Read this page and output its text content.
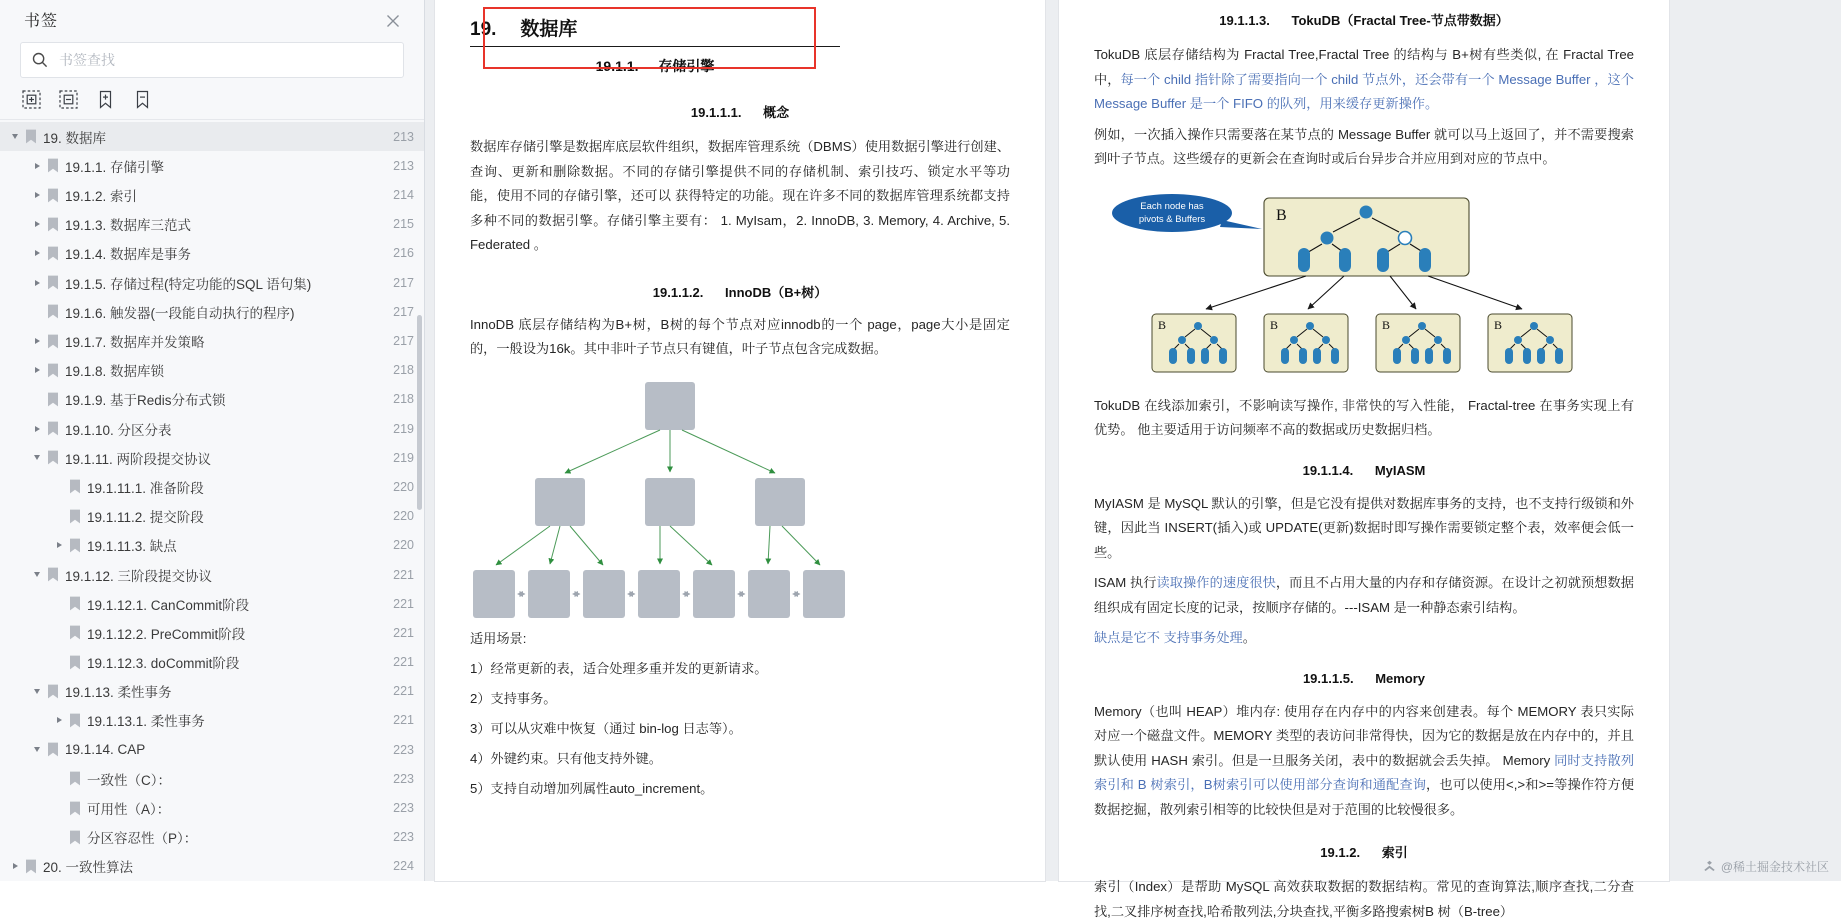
书签
书签查找
19. 数据库	213
19.1.1. 存储引擎	213
19.1.2. 索引	214
19.1.3. 数据库三范式	215
19.1.4. 数据库是事务	216
19.1.5. 存储过程(特定功能的SQL 语句集)	217
19.1.6. 触发器(一段能自动执行的程序)	217
19.1.7. 数据库并发策略	217
19.1.8. 数据库锁	218
19.1.9. 基于Redis分布式锁	218
19.1.10. 分区分表	219
19.1.11. 两阶段提交协议	219
19.1.11.1. 准备阶段	220
19.1.11.2. 提交阶段	220
19.1.11.3. 缺点	220
19.1.12. 三阶段提交协议	221
19.1.12.1. CanCommit阶段	221
19.1.12.2. PreCommit阶段	221
19.1.12.3. doCommit阶段	221
19.1.13. 柔性事务	221
19.1.13.1. 柔性事务	221
19.1.14. CAP	223
一致性（C）：	223
可用性（A）：	223
分区容忍性（P）：	223
20. 一致性算法	224
19. 数据库
19.1.1. 存储引擎
19.1.1.1. 概念

数据库存储引擎是数据库底层软件组织，数据库管理系统（DBMS）使用数据引擎进行创建、查询、更新和删除数据。不同的存储引擎提供不同的存储机制、索引技巧、锁定水平等功能，使用不同的存储引擎，还可以 获得特定的功能。现在许多不同的数据库管理系统都支持多种不同的数据引擎。存储引擎主要有： 1. MyIsam，2. InnoDB, 3. Memory, 4. Archive, 5. Federated 。

19.1.1.2. InnoDB（B+树）

InnoDB 底层存储结构为B+树，B树的每个节点对应innodb的一个 page，page大小是固定的，一般设为16k。其中非叶子节点只有键值，叶子节点包含完成数据。

适用场景:

1）经常更新的表，适合处理多重并发的更新请求。

2）支持事务。

3）可以从灾难中恢复（通过 bin-log 日志等）。

4）外键约束。只有他支持外键。

5）支持自动增加列属性auto_increment。

19.1.1.3. TokuDB（Fractal Tree-节点带数据）

TokuDB 底层存储结构为 Fractal Tree,Fractal Tree 的结构与 B+树有些类似, 在 Fractal Tree 中，每一个 child 指针除了需要指向一个 child 节点外，还会带有一个 Message Buffer ，这个 Message Buffer 是一个 FIFO 的队列，用来缓存更新操作。

例如，一次插入操作只需要落在某节点的 Message Buffer 就可以马上返回了，并不需要搜索到叶子节点。这些缓存的更新会在查询时或后台异步合并应用到对应的节点中。

B
Each node has
pivots & Buffers
B	B	B	B

TokuDB 在线添加索引，不影响读写操作, 非常快的写入性能， Fractal-tree 在事务实现上有优势。 他主要适用于访问频率不高的数据或历史数据归档。

19.1.1.4. MyIASM

MyIASM 是 MySQL 默认的引擎，但是它没有提供对数据库事务的支持，也不支持行级锁和外键，因此当 INSERT(插入)或 UPDATE(更新)数据时即写操作需要锁定整个表，效率便会低一些。

ISAM 执行读取操作的速度很快，而且不占用大量的内存和存储资源。在设计之初就预想数据组织成有固定长度的记录，按顺序存储的。---ISAM 是一种静态索引结构。

缺点是它不 支持事务处理。

19.1.1.5. Memory

Memory（也叫 HEAP）堆内存: 使用存在内存中的内容来创建表。每个 MEMORY 表只实际对应一个磁盘文件。MEMORY 类型的表访问非常得快，因为它的数据是放在内存中的，并且默认使用 HASH 索引。但是一旦服务关闭，表中的数据就会丢失掉。 Memory 同时支持散列索引和 B 树索引，B树索引可以使用部分查询和通配查询，也可以使用<,>和>=等操作符方便数据挖掘，散列索引相等的比较快但是对于范围的比较慢很多。

19.1.2. 索引

索引（Index）是帮助 MySQL 高效获取数据的数据结构。常见的查询算法,顺序查找,二分查找,二叉排序树查找,哈希散列法,分块查找,平衡多路搜索树B 树（B-tree）

@稀土掘金技术社区
